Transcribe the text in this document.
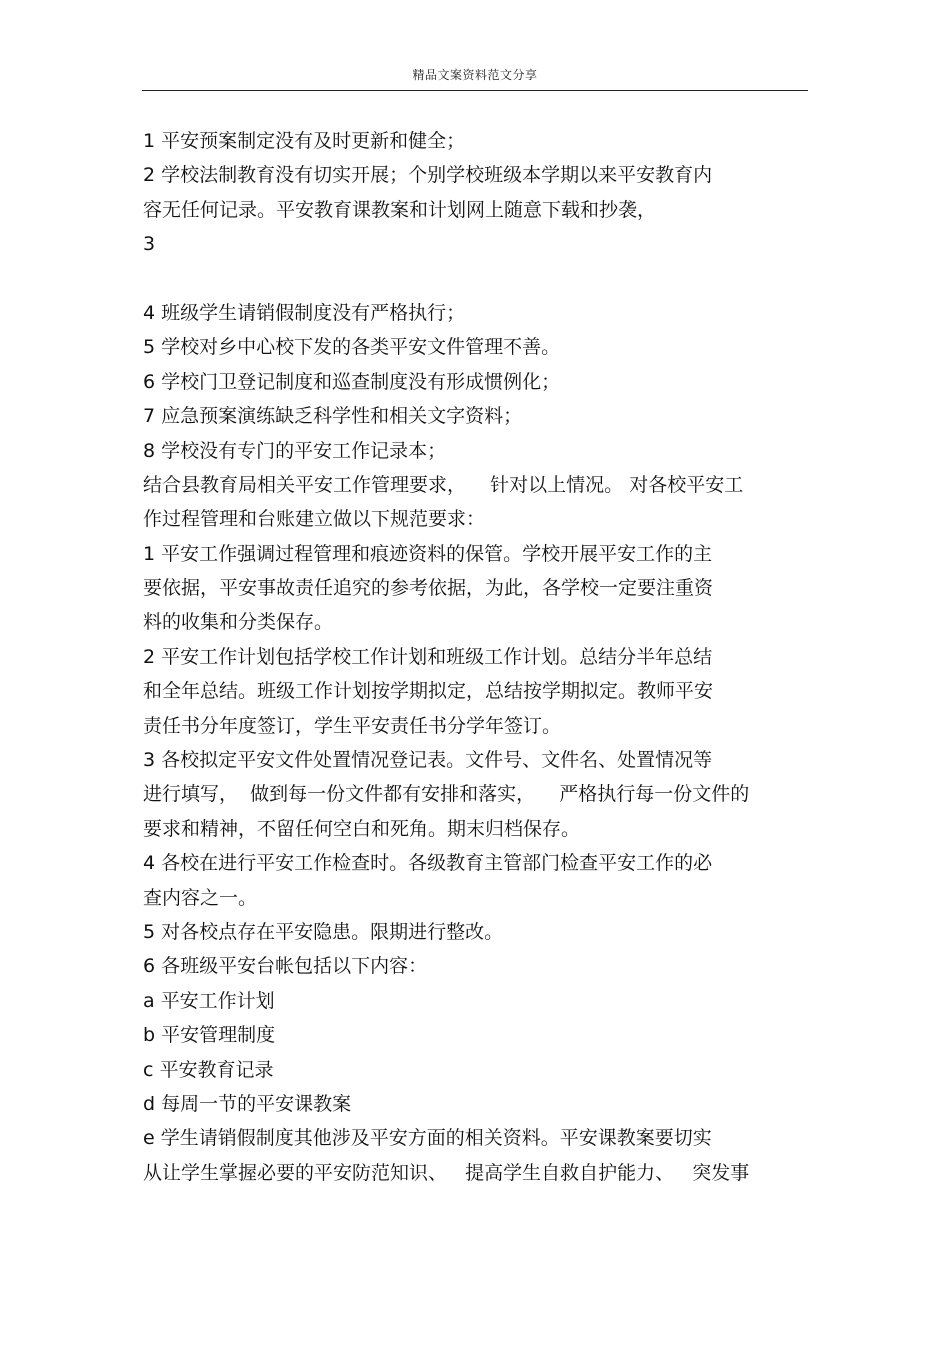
精品文案资料范文分享
1 平安预案制定没有及时更新和健全；
2 学校法制教育没有切实开展；个别学校班级本学期以来平安教育内
容无任何记录。平安教育课教案和计划网上随意下载和抄袭，
3
4 班级学生请销假制度没有严格执行；
5 学校对乡中心校下发的各类平安文件管理不善。
6 学校门卫登记制度和巡查制度没有形成惯例化；
7 应急预案演练缺乏科学性和相关文字资料；
8 学校没有专门的平安工作记录本；
结合县教育局相关平安工作管理要求，    针对以上情况。 对各校平安工
作过程管理和台账建立做以下规范要求：
1 平安工作强调过程管理和痕迹资料的保管。学校开展平安工作的主
要依据，平安事故责任追究的参考依据，为此，各学校一定要注重资
料的收集和分类保存。
2 平安工作计划包括学校工作计划和班级工作计划。总结分半年总结
和全年总结。班级工作计划按学期拟定，总结按学期拟定。教师平安
责任书分年度签订，学生平安责任书分学年签订。
3 各校拟定平安文件处置情况登记表。文件号、文件名、处置情况等
进行填写，  做到每一份文件都有安排和落实，    严格执行每一份文件的
要求和精神，不留任何空白和死角。期末归档保存。
4 各校在进行平安工作检查时。各级教育主管部门检查平安工作的必
查内容之一。
5 对各校点存在平安隐患。限期进行整改。
6 各班级平安台帐包括以下内容：
a 平安工作计划
b 平安管理制度
c 平安教育记录
d 每周一节的平安课教案
e 学生请销假制度其他涉及平安方面的相关资料。平安课教案要切实
从让学生掌握必要的平安防范知识、   提高学生自救自护能力、   突发事
